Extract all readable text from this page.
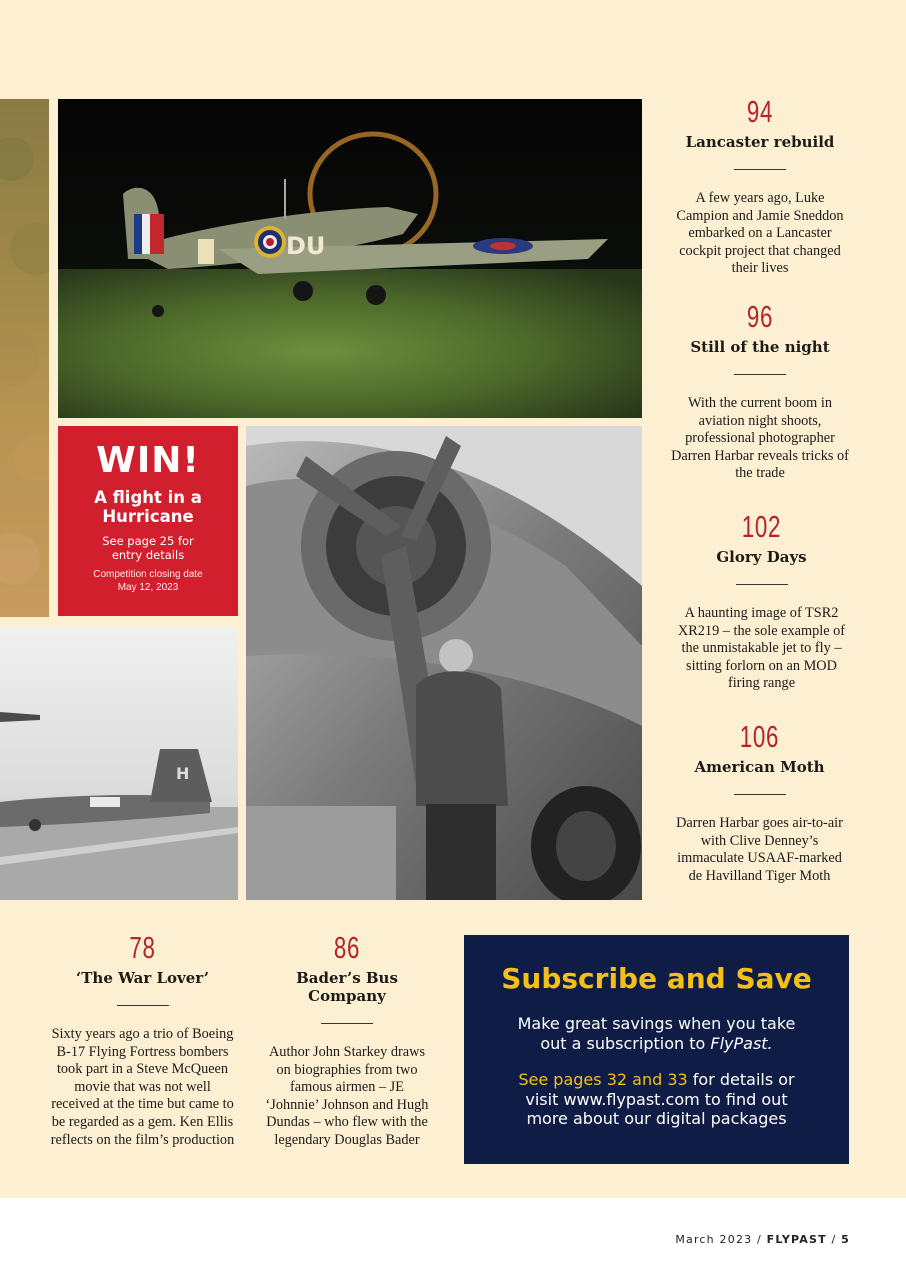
DU
WIN!
A flight in a Hurricane
See page 25 for entry details
Competition closing date May 12, 2023
H
94
Lancaster rebuild
A few years ago, Luke Campion and Jamie Sneddon embarked on a Lancaster cockpit project that changed their lives
96
Still of the night
With the current boom in aviation night shoots, professional photographer Darren Harbar reveals tricks of the trade
102
Glory Days
A haunting image of TSR2 XR219 – the sole example of the unmistakable jet to fly – sitting forlorn on an MOD firing range
106
American Moth
Darren Harbar goes air-to-air with Clive Denney’s immaculate USAAF-marked de Havilland Tiger Moth
78
‘The War Lover’
Sixty years ago a trio of Boeing B-17 Flying Fortress bombers took part in a Steve McQueen movie that was not well received at the time but came to be regarded as a gem. Ken Ellis reflects on the film’s production
86
Bader’s Bus Company
Author John Starkey draws on biographies from two famous airmen – JE ‘Johnnie’ Johnson and Hugh Dundas – who flew with the legendary Douglas Bader
Subscribe and Save
Make great savings when you take out a subscription to FlyPast.
See pages 32 and 33 for details or visit www.flypast.com to find out more about our digital packages
March 2023 / FLYPAST / 5
